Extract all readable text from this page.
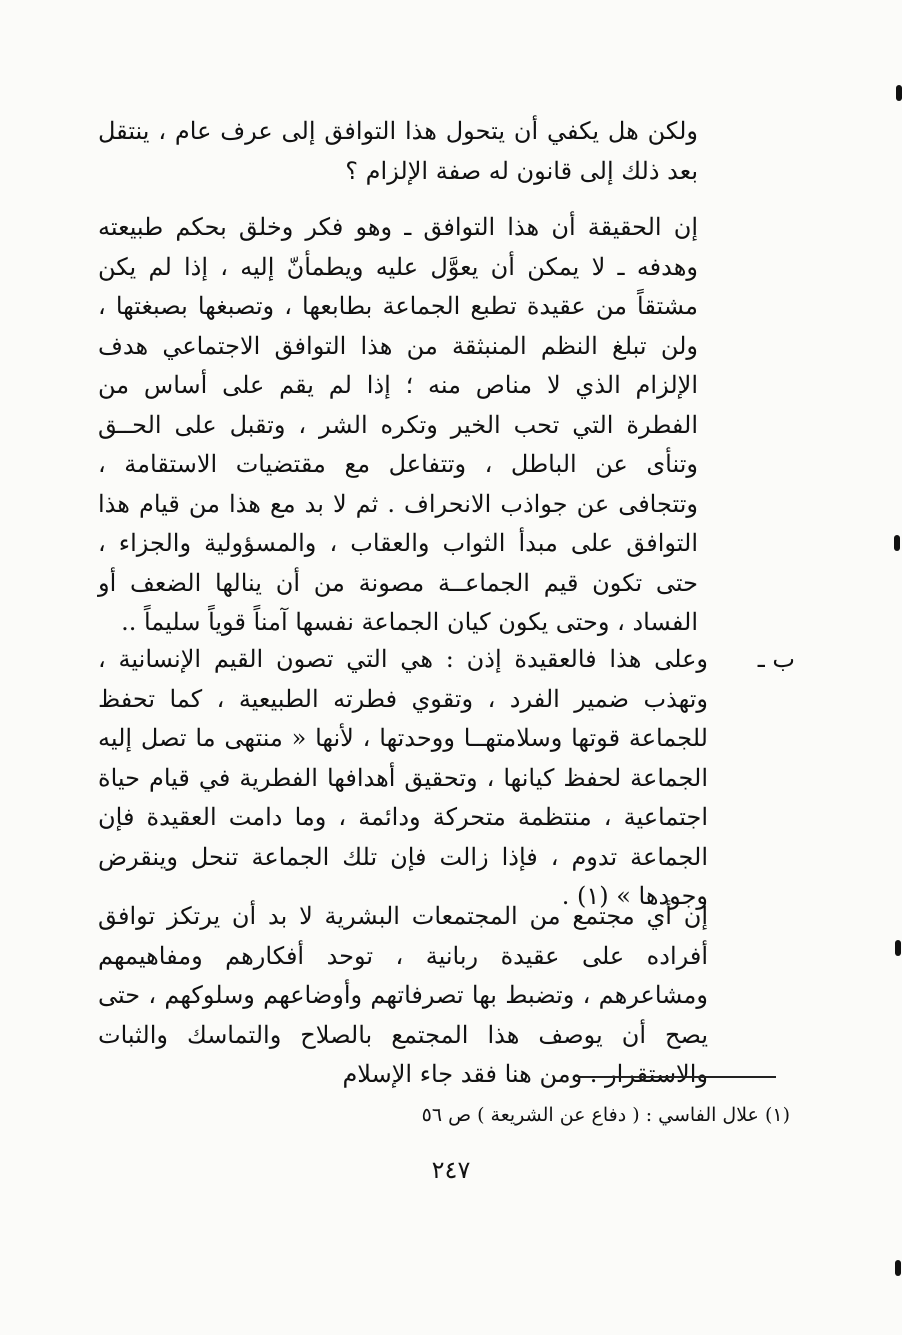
ولكن هل يكفي أن يتحول هذا التوافق إلى عرف عام ، ينتقل بعد ذلك إلى قانون له صفة الإلزام ؟
إن الحقيقة أن هذا التوافق ـ وهو فكر وخلق بحكم طبيعته وهدفه ـ لا يمكن أن يعوَّل عليه ويطمأنّ إليه ، إذا لم يكن مشتقاً من عقيدة تطبع الجماعة بطابعها ، وتصبغها بصبغتها ، ولن تبلغ النظم المنبثقة من هذا التوافق الاجتماعي هدف الإلزام الذي لا مناص منه ؛ إذا لم يقم على أساس من الفطرة التي تحب الخير وتكره الشر ، وتقبل على الحــق وتنأى عن الباطل ، وتتفاعل مع مقتضيات الاستقامة ، وتتجافى عن جواذب الانحراف . ثم لا بد مع هذا من قيام هذا التوافق على مبدأ الثواب والعقاب ، والمسؤولية والجزاء ، حتى تكون قيم الجماعــة مصونة من أن ينالها الضعف أو الفساد ، وحتى يكون كيان الجماعة نفسها آمناً قوياً سليماً ..
ب ـ
وعلى هذا فالعقيدة إذن : هي التي تصون القيم الإنسانية ، وتهذب ضمير الفرد ، وتقوي فطرته الطبيعية ، كما تحفظ للجماعة قوتها وسلامتهــا ووحدتها ، لأنها « منتهى ما تصل إليه الجماعة لحفظ كيانها ، وتحقيق أهدافها الفطرية في قيام حياة اجتماعية ، منتظمة متحركة ودائمة ، وما دامت العقيدة فإن الجماعة تدوم ، فإذا زالت فإن تلك الجماعة تنحل وينقرض وجودها » (١) .
إن أي مجتمع من المجتمعات البشرية لا بد أن يرتكز توافق أفراده على عقيدة ربانية ، توحد أفكارهم ومفاهيمهم ومشاعرهم ، وتضبط بها تصرفاتهم وأوضاعهم وسلوكهم ، حتى يصح أن يوصف هذا المجتمع بالصلاح والتماسك والثبات والاستقرار . ومن هنا فقد جاء الإسلام
(١) علال الفاسي : ( دفاع عن الشريعة ) ص ٥٦
٢٤٧
